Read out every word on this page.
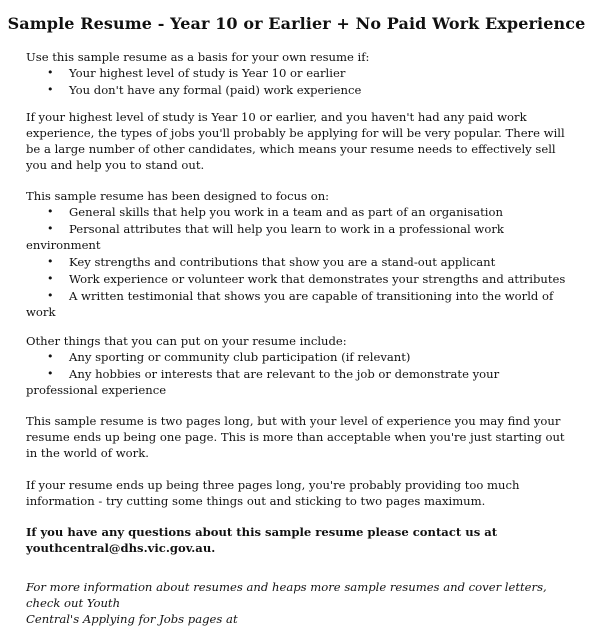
Sample Resume - Year 10 or Earlier + No Paid Work Experience

Use this sample resume as a basis for your own resume if:

• Your highest level of study is Year 10 or earlier
• You don't have any formal (paid) work experience

If your highest level of study is Year 10 or earlier, and you haven't had any paid work experience, the types of jobs you'll probably be applying for will be very popular. There will be a large number of other candidates, which means your resume needs to effectively sell you and help you to stand out.

This sample resume has been designed to focus on:

• General skills that help you work in a team and as part of an organisation
• Personal attributes that will help you learn to work in a professional work environment
• Key strengths and contributions that show you are a stand-out applicant
• Work experience or volunteer work that demonstrates your strengths and attributes
• A written testimonial that shows you are capable of transitioning into the world of work

Other things that you can put on your resume include:

• Any sporting or community club participation (if relevant)
• Any hobbies or interests that are relevant to the job or demonstrate your professional experience

This sample resume is two pages long, but with your level of experience you may find your resume ends up being one page. This is more than acceptable when you're just starting out in the world of work.

If your resume ends up being three pages long, you're probably providing too much information - try cutting some things out and sticking to two pages maximum.

If you have any questions about this sample resume please contact us at youthcentral@dhs.vic.gov.au.

For more information about resumes and heaps more sample resumes and cover letters, check out Youth

Central's Applying for Jobs pages at
